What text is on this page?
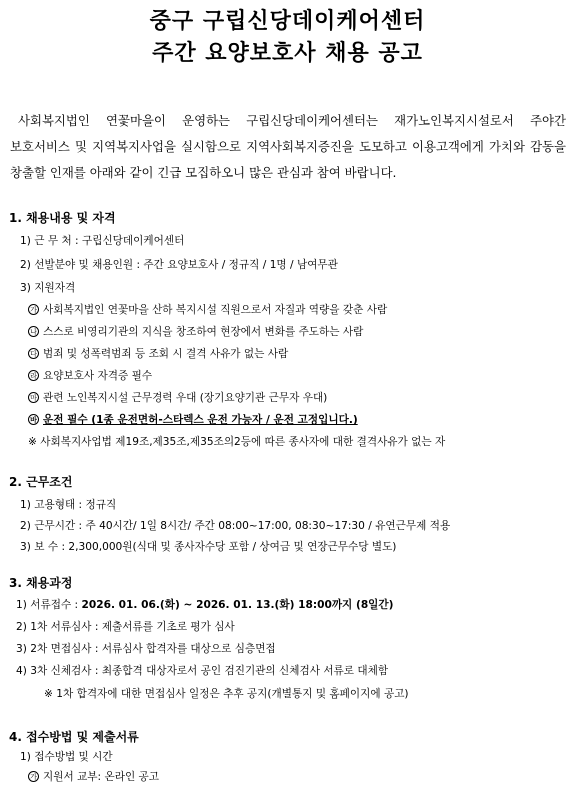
중구 구립신당데이케어센터
주간 요양보호사 채용 공고
사회복지법인 연꽃마을이 운영하는 구립신당데이케어센터는 재가노인복지시설로서 주야간 보호서비스 및 지역복지사업을 실시함으로 지역사회복지증진을 도모하고 이용고객에게 가치와 감동을 창출할 인재를 아래와 같이 긴급 모집하오니 많은 관심과 참여 바랍니다.
1. 채용내용 및 자격
1) 근 무 처 : 구립신당데이케어센터
2) 선발분야 및 채용인원 : 주간 요양보호사 / 정규직 / 1명 / 남여무관
3) 지원자격
가 사회복지법인 연꽃마을 산하 복지시설 직원으로서 자질과 역량을 갖춘 사람
나 스스로 비영리기관의 지식을 창조하여 현장에서 변화를 주도하는 사람
다 범죄 및 성폭력범죄 등 조회 시 결격 사유가 없는 사람
라 요양보호사 자격증 필수
마 관련 노인복지시설 근무경력 우대 (장기요양기관 근무자 우대)
바 운전 필수 (1종 운전면허-스타렉스 운전 가능자 / 운전 고정입니다.)
※ 사회복지사업법 제19조,제35조,제35조의2등에 따른 종사자에 대한 결격사유가 없는 자
2. 근무조건
1) 고용형태 : 정규직
2) 근무시간 : 주 40시간/ 1일 8시간/ 주간 08:00~17:00, 08:30~17:30 / 유연근무제 적용
3) 보 수 : 2,300,000원(식대 및 종사자수당 포함 / 상여금 및 연장근무수당 별도)
3. 채용과정
1) 서류접수 : 2026. 01. 06.(화) ~ 2026. 01. 13.(화) 18:00까지 (8일간)
2) 1차 서류심사 : 제출서류를 기초로 평가 심사
3) 2차 면접심사 : 서류심사 합격자를 대상으로 심층면접
4) 3차 신체검사 : 최종합격 대상자로서 공인 검진기관의 신체검사 서류로 대체함
※ 1차 합격자에 대한 면접심사 일정은 추후 공지(개별통지 및 홈페이지에 공고)
4. 접수방법 및 제출서류
1) 접수방법 및 시간
가 지원서 교부: 온라인 공고
